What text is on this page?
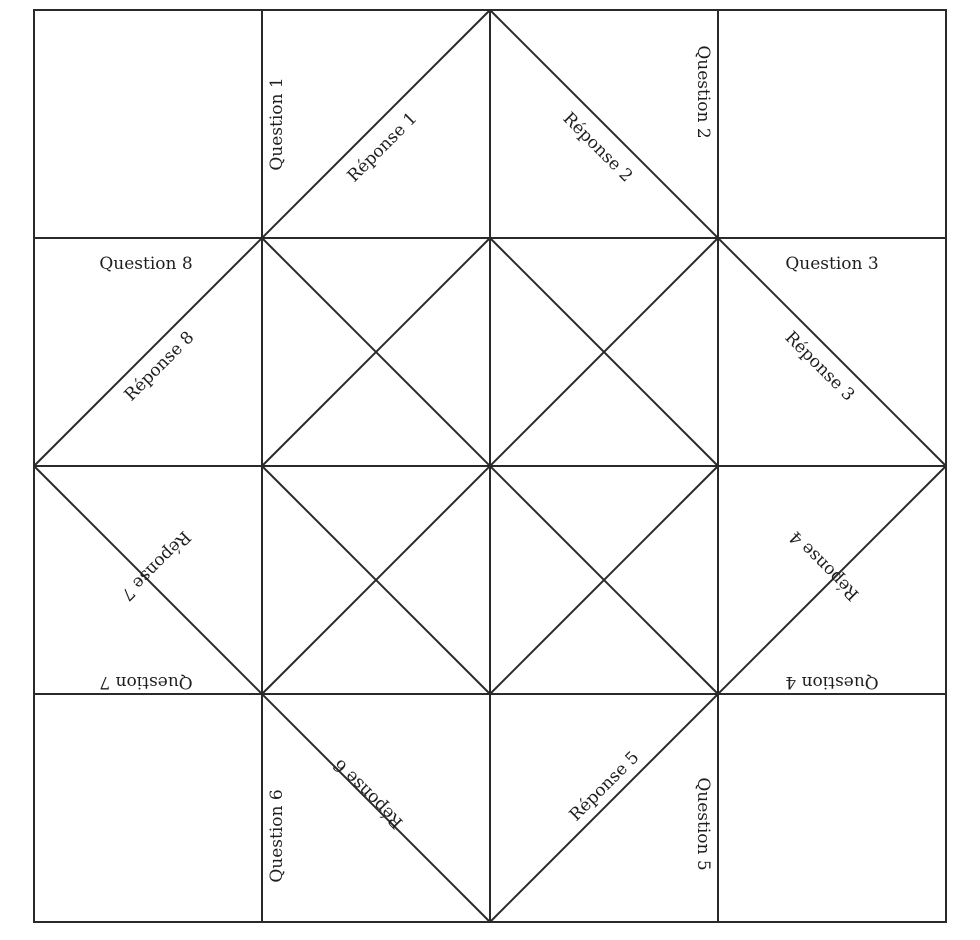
Question 1	Question 2
Question 3
Question 4
Question 5
Question 6
Question 7
Question 8
Réponse 1	Réponse 2
Réponse 3
Réponse 4
Réponse 5
Réponse 6
Réponse 7
Réponse 8
